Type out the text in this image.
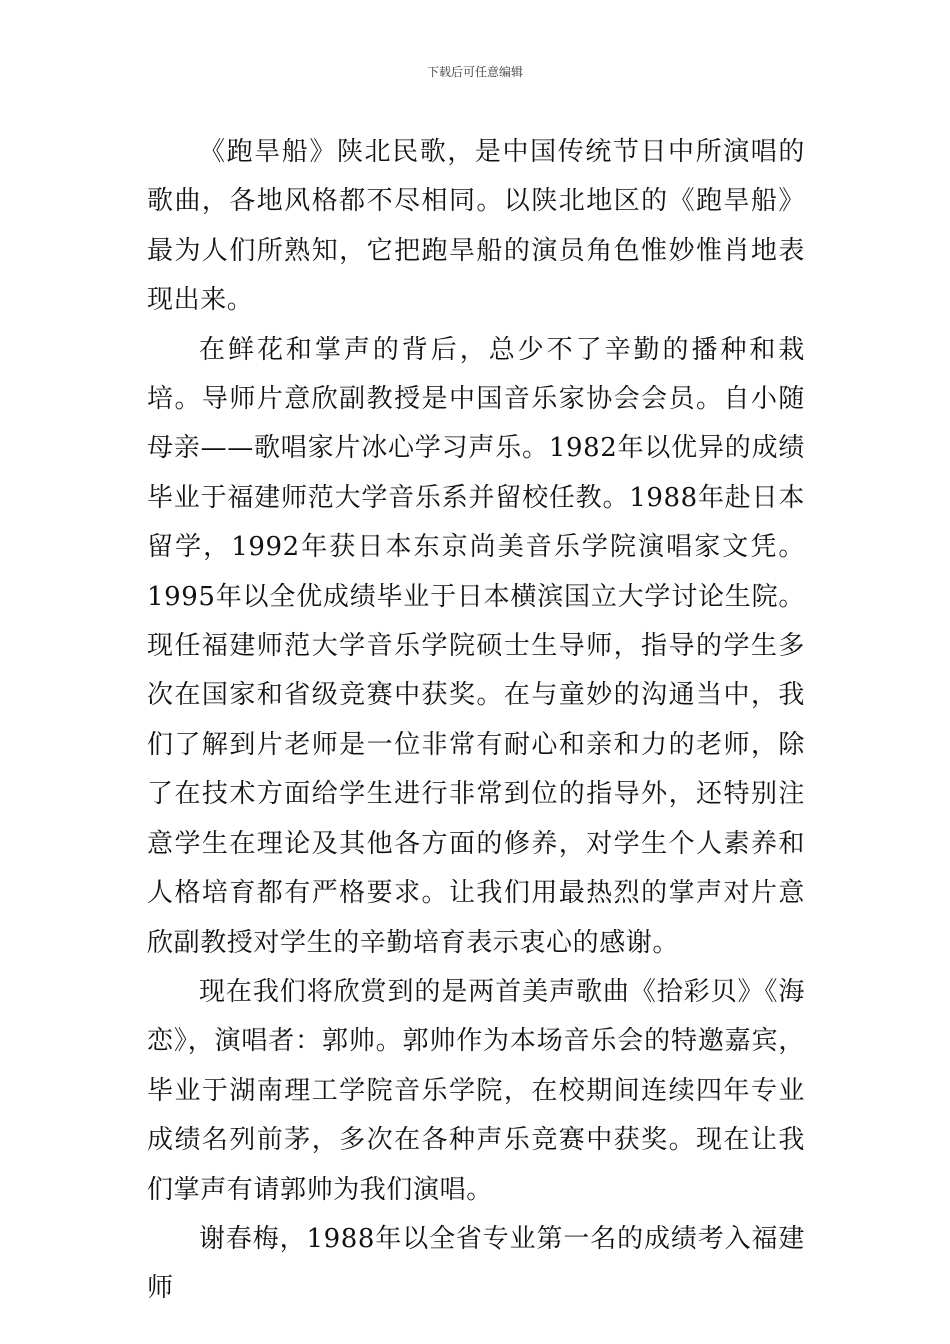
下载后可任意编辑

《跑旱船》陕北民歌，是中国传统节日中所演唱的歌曲，各地风格都不尽相同。以陕北地区的《跑旱船》最为人们所熟知，它把跑旱船的演员角色惟妙惟肖地表现出来。

在鲜花和掌声的背后，总少不了辛勤的播种和栽培。导师片意欣副教授是中国音乐家协会会员。自小随母亲——歌唱家片冰心学习声乐。1982年以优异的成绩毕业于福建师范大学音乐系并留校任教。1988年赴日本留学，1992年获日本东京尚美音乐学院演唱家文凭。1995年以全优成绩毕业于日本横滨国立大学讨论生院。现任福建师范大学音乐学院硕士生导师，指导的学生多次在国家和省级竞赛中获奖。在与童妙的沟通当中，我们了解到片老师是一位非常有耐心和亲和力的老师，除了在技术方面给学生进行非常到位的指导外，还特别注意学生在理论及其他各方面的修养，对学生个人素养和人格培育都有严格要求。让我们用最热烈的掌声对片意欣副教授对学生的辛勤培育表示衷心的感谢。

现在我们将欣赏到的是两首美声歌曲《拾彩贝》《海恋》，演唱者：郭帅。郭帅作为本场音乐会的特邀嘉宾，毕业于湖南理工学院音乐学院，在校期间连续四年专业成绩名列前茅，多次在各种声乐竞赛中获奖。现在让我们掌声有请郭帅为我们演唱。

谢春梅，1988年以全省专业第一名的成绩考入福建师
